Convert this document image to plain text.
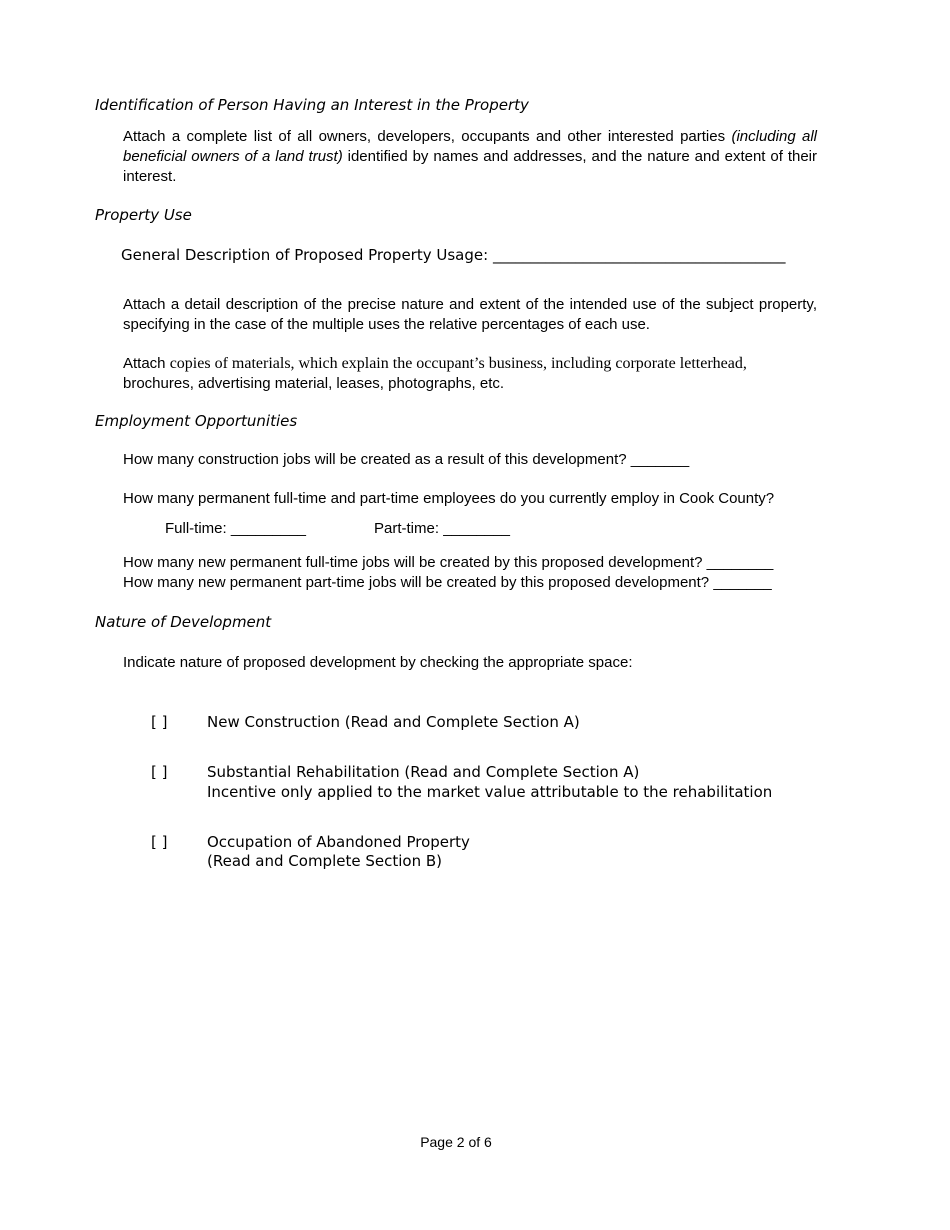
Identification of Person Having an Interest in the Property
Attach a complete list of all owners, developers, occupants and other interested parties (including all beneficial owners of a land trust) identified by names and addresses, and the nature and extent of their interest.
Property Use
General Description of Proposed Property Usage: _______________________________________
Attach a detail description of the precise nature and extent of the intended use of the subject property, specifying in the case of the multiple uses the relative percentages of each use.
Attach copies of materials, which explain the occupant’s business, including corporate letterhead,
brochures, advertising material, leases, photographs, etc.
Employment Opportunities
How many construction jobs will be created as a result of this development? _______
How many permanent full-time and part-time employees do you currently employ in Cook County?
Full-time: _________	Part-time: ________
How many new permanent full-time jobs will be created by this proposed development? ________
How many new permanent part-time jobs will be created by this proposed development? _______
Nature of Development
Indicate nature of proposed development by checking the appropriate space:
[ ]	New Construction (Read and Complete Section A)
[ ]	Substantial Rehabilitation (Read and Complete Section A)
Incentive only applied to the market value attributable to the rehabilitation
[ ]	Occupation of Abandoned Property
(Read and Complete Section B)
Page 2 of 6
